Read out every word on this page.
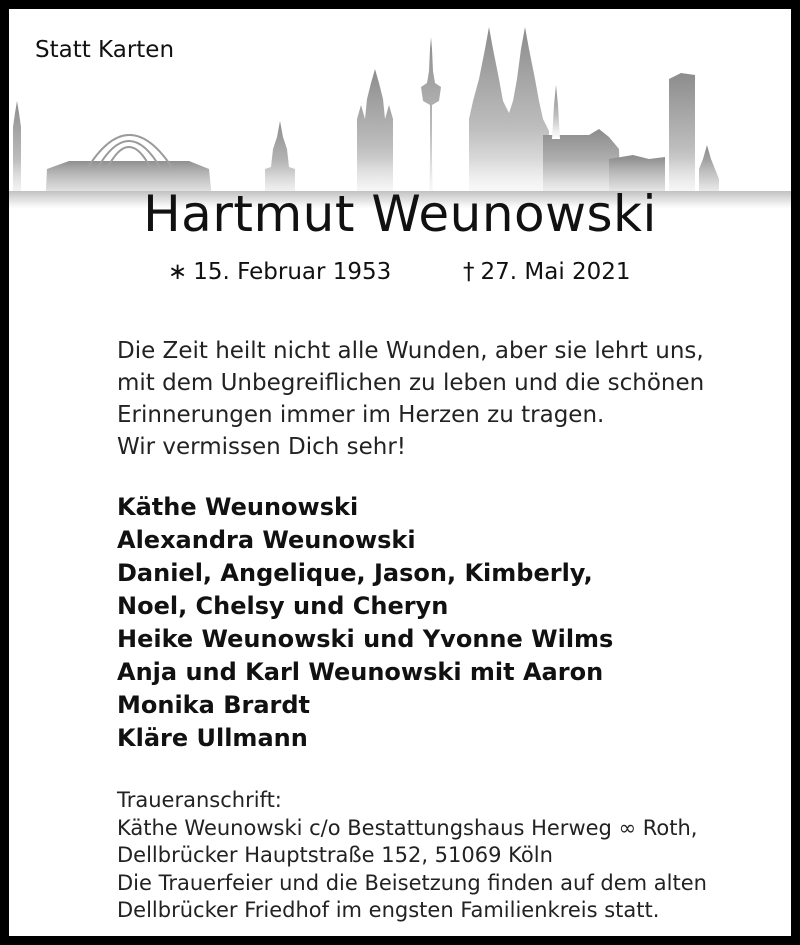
Statt Karten
Hartmut Weunowski
∗ 15. Februar 1953	† 27. Mai 2021
Die Zeit heilt nicht alle Wunden, aber sie lehrt uns,
mit dem Unbegreiflichen zu leben und die schönen
Erinnerungen immer im Herzen zu tragen.
Wir vermissen Dich sehr!
Käthe Weunowski
Alexandra Weunowski
Daniel, Angelique, Jason, Kimberly,
Noel, Chelsy und Cheryn
Heike Weunowski und Yvonne Wilms
Anja und Karl Weunowski mit Aaron
Monika Brardt
Kläre Ullmann
Traueranschrift:
Käthe Weunowski c/o Bestattungshaus Herweg ∞ Roth,
Dellbrücker Hauptstraße 152, 51069 Köln
Die Trauerfeier und die Beisetzung finden auf dem alten
Dellbrücker Friedhof im engsten Familienkreis statt.
